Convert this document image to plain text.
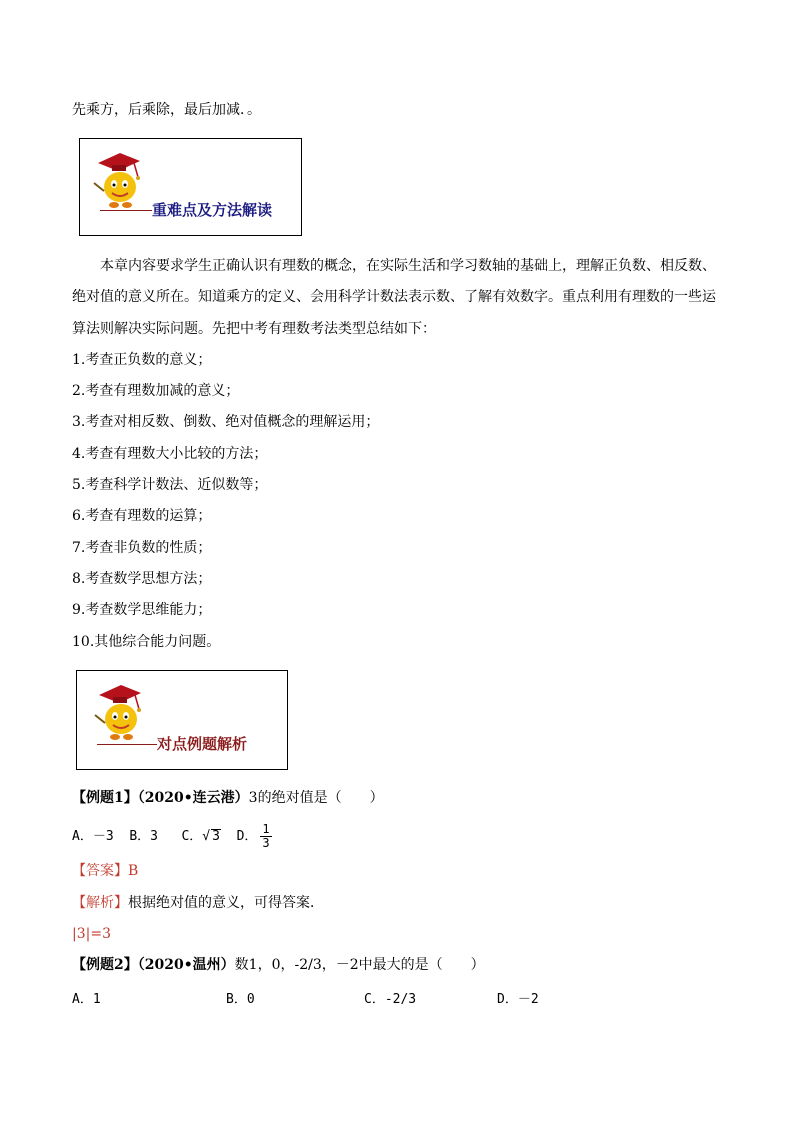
先乘方，后乘除，最后加减．。
重难点及方法解读
本章内容要求学生正确认识有理数的概念，在实际生活和学习数轴的基础上，理解正负数、相反数、
绝对值的意义所在。知道乘方的定义、会用科学计数法表示数、了解有效数字。重点利用有理数的一些运
算法则解决实际问题。先把中考有理数考法类型总结如下：
1.考查正负数的意义；
2.考查有理数加减的意义；
3.考查对相反数、倒数、绝对值概念的理解运用；
4.考查有理数大小比较的方法；
5.考查科学计数法、近似数等；
6.考查有理数的运算；
7.考查非负数的性质；
8.考查数学思想方法；
9.考查数学思维能力；
10.其他综合能力问题。
对点例题解析
【例题1】（2020•连云港）3的绝对值是（　　）
A．－3 B．3 C．√ 3 D． $\frac{1}{3}$
【答案】B
【解析】根据绝对值的意义，可得答案．
|3|=3
【例题2】（2020•温州）数1，0，-2/3，－2中最大的是（　　）
A．1	B．0	C．-2/3	D．－2
